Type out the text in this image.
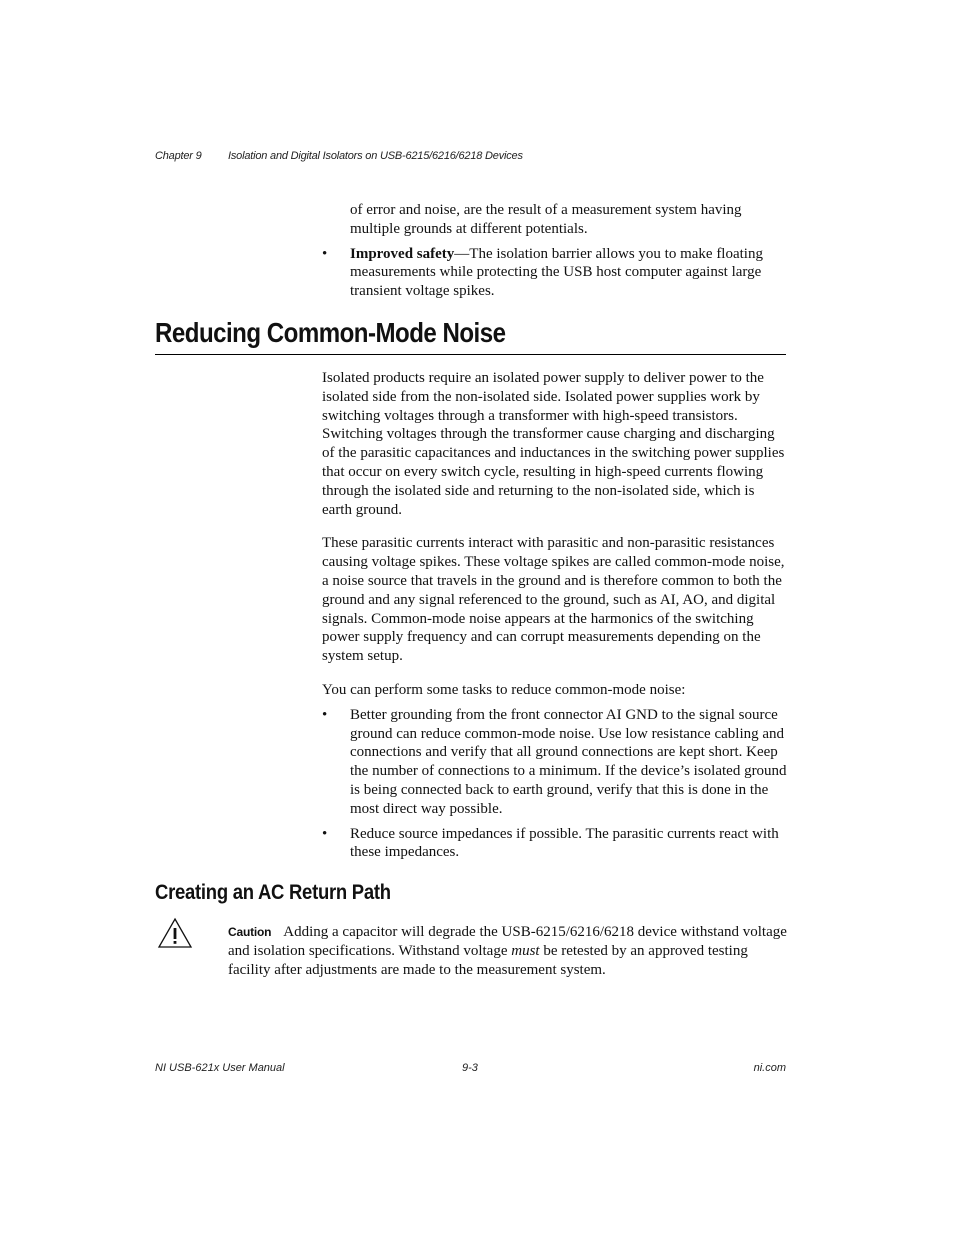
Chapter 9 Isolation and Digital Isolators on USB-6215/6216/6218 Devices

of error and noise, are the result of a measurement system having multiple grounds at different potentials.

• Improved safety—The isolation barrier allows you to make floating measurements while protecting the USB host computer against large transient voltage spikes.
Reducing Common-Mode Noise

Isolated products require an isolated power supply to deliver power to the isolated side from the non-isolated side. Isolated power supplies work by switching voltages through a transformer with high-speed transistors. Switching voltages through the transformer cause charging and discharging of the parasitic capacitances and inductances in the switching power supplies that occur on every switch cycle, resulting in high-speed currents flowing through the isolated side and returning to the non-isolated side, which is earth ground.

These parasitic currents interact with parasitic and non-parasitic resistances causing voltage spikes. These voltage spikes are called common-mode noise, a noise source that travels in the ground and is therefore common to both the ground and any signal referenced to the ground, such as AI, AO, and digital signals. Common-mode noise appears at the harmonics of the switching power supply frequency and can corrupt measurements depending on the system setup.

You can perform some tasks to reduce common-mode noise:

• Better grounding from the front connector AI GND to the signal source ground can reduce common-mode noise. Use low resistance cabling and connections and verify that all ground connections are kept short. Keep the number of connections to a minimum. If the device’s isolated ground is being connected back to earth ground, verify that this is done in the most direct way possible.
• Reduce source impedances if possible. The parasitic currents react with these impedances.
Creating an AC Return Path
Caution Adding a capacitor will degrade the USB-6215/6216/6218 device withstand voltage and isolation specifications. Withstand voltage must be retested by an approved testing facility after adjustments are made to the measurement system.
NI USB-621x User Manual	9-3	ni.com
